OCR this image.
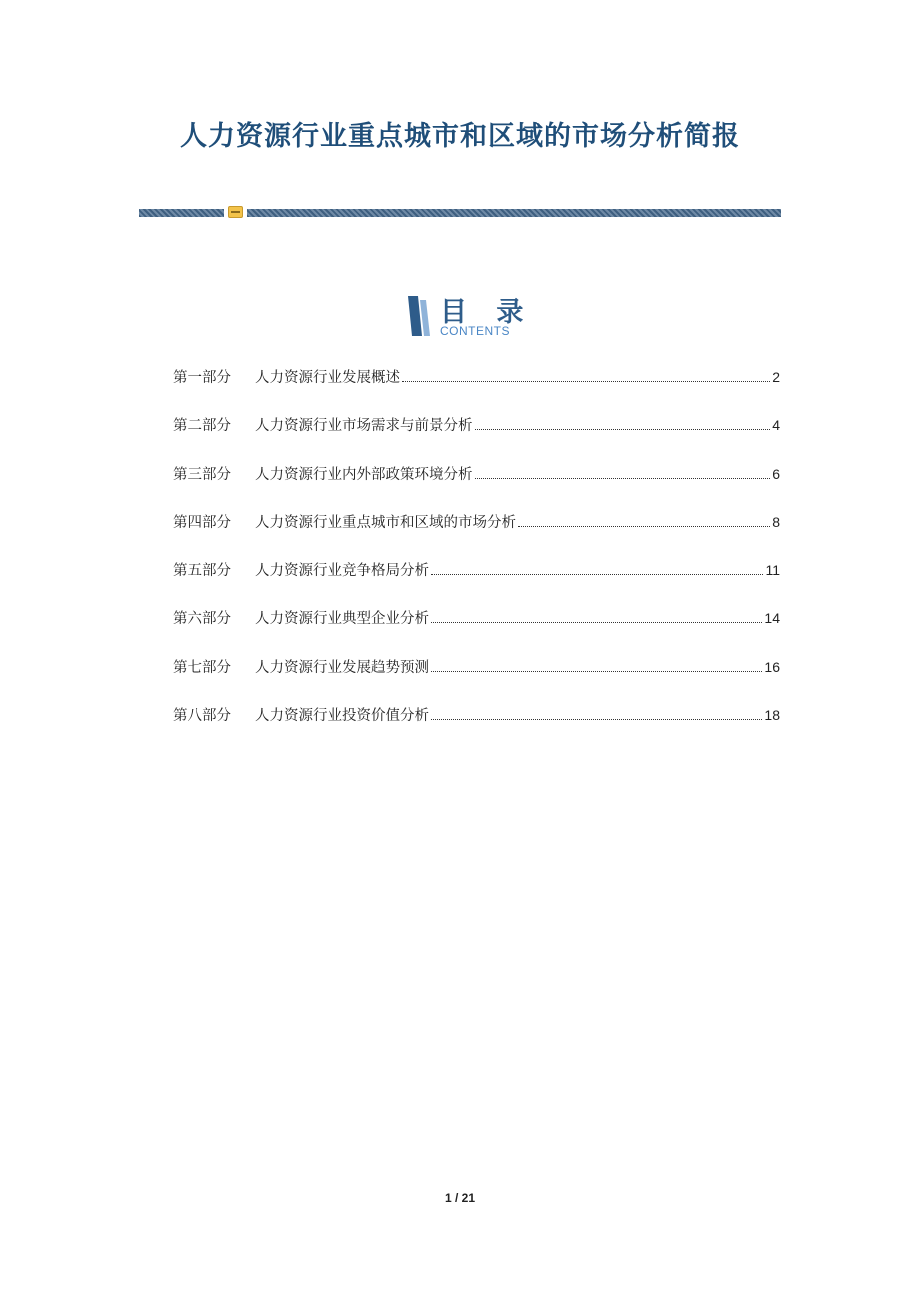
人力资源行业重点城市和区域的市场分析简报
目 录
CONTENTS
第一部分	人力资源行业发展概述	2
第二部分	人力资源行业市场需求与前景分析	4
第三部分	人力资源行业内外部政策环境分析	6
第四部分	人力资源行业重点城市和区域的市场分析	8
第五部分	人力资源行业竞争格局分析	11
第六部分	人力资源行业典型企业分析	14
第七部分	人力资源行业发展趋势预测	16
第八部分	人力资源行业投资价值分析	18
1 / 21
